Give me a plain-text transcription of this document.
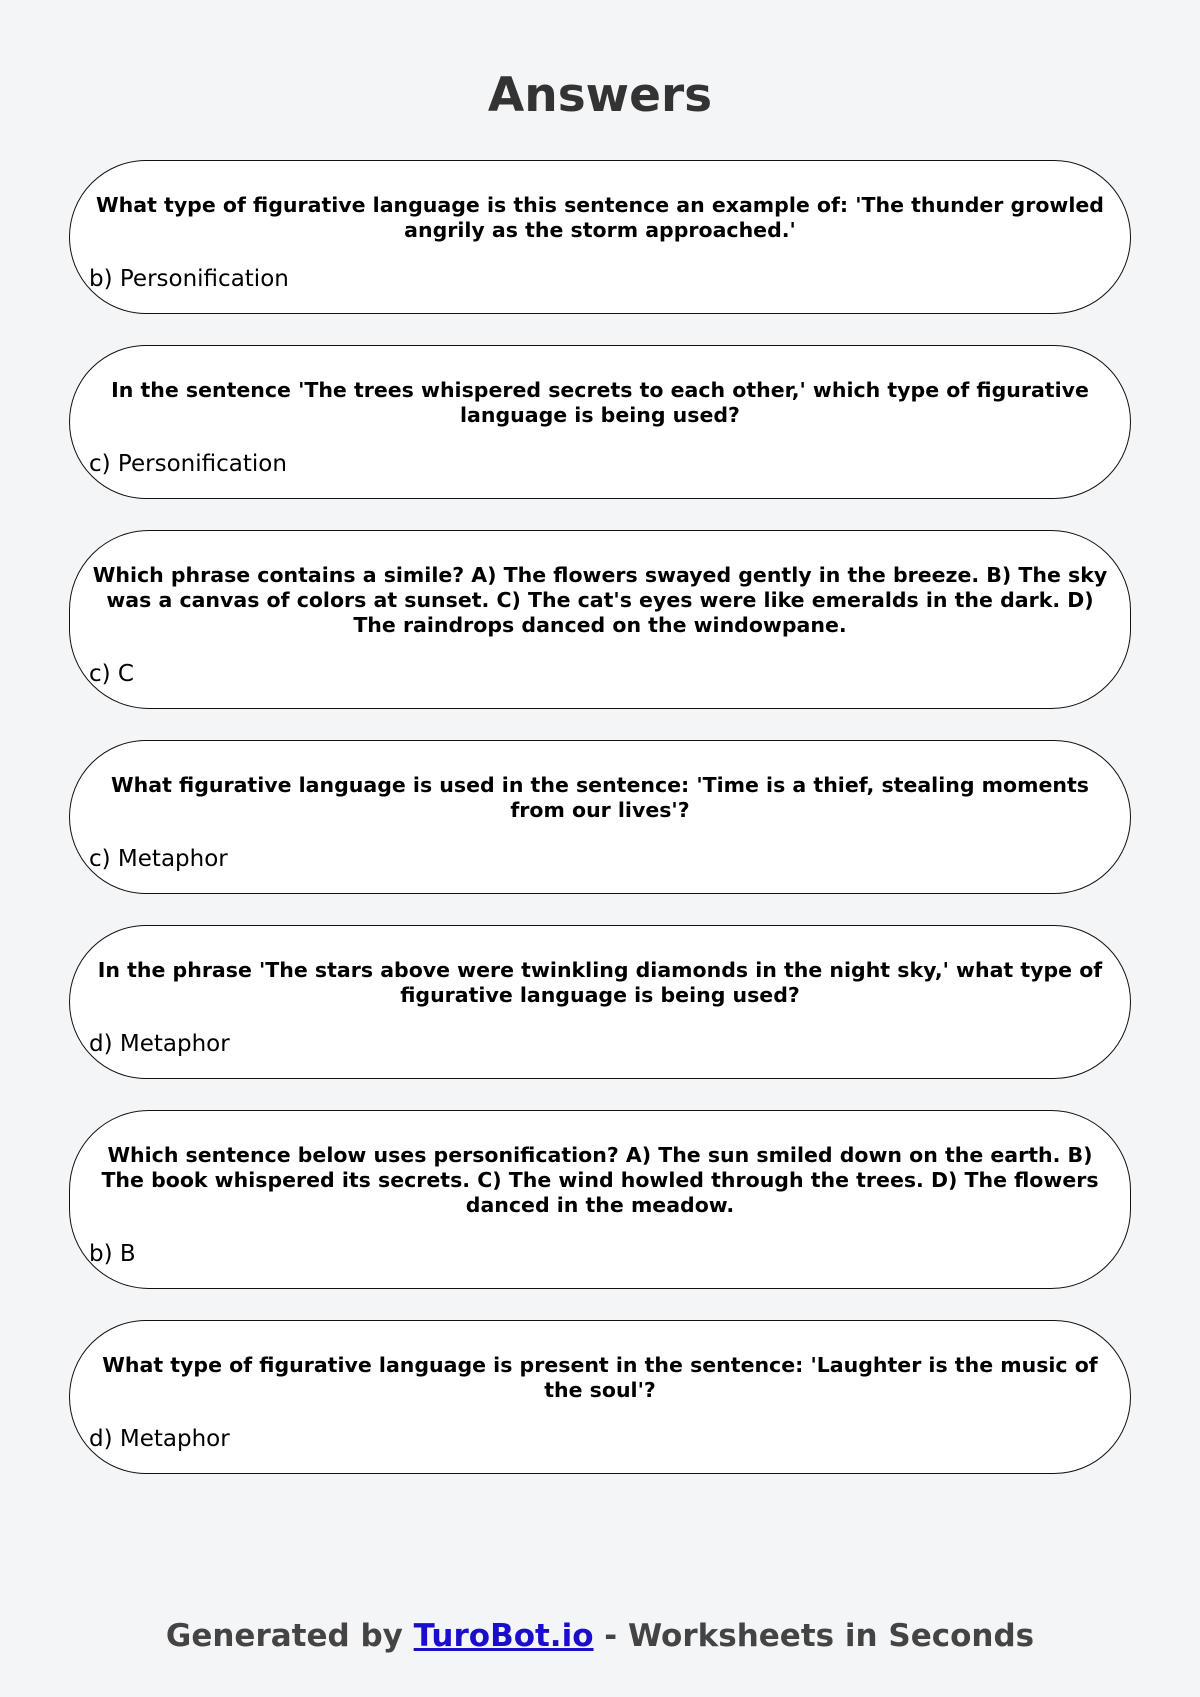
Answers
What type of figurative language is this sentence an example of: 'The thunder growled angrily as the storm approached.'
b) Personification
In the sentence 'The trees whispered secrets to each other,' which type of figurative language is being used?
c) Personification
Which phrase contains a simile? A) The flowers swayed gently in the breeze. B) The sky was a canvas of colors at sunset. C) The cat's eyes were like emeralds in the dark. D) The raindrops danced on the windowpane.
c) C
What figurative language is used in the sentence: 'Time is a thief, stealing moments from our lives'?
c) Metaphor
In the phrase 'The stars above were twinkling diamonds in the night sky,' what type of figurative language is being used?
d) Metaphor
Which sentence below uses personification? A) The sun smiled down on the earth. B) The book whispered its secrets. C) The wind howled through the trees. D) The flowers danced in the meadow.
b) B
What type of figurative language is present in the sentence: 'Laughter is the music of the soul'?
d) Metaphor
Generated by TuroBot.io - Worksheets in Seconds
